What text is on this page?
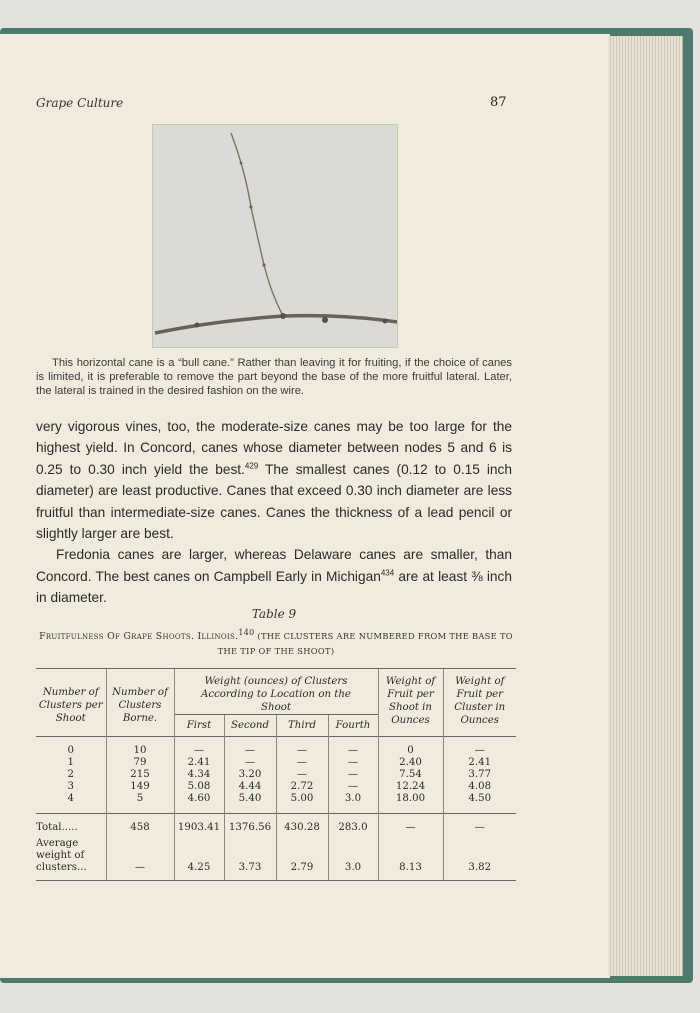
Grape Culture	87
This horizontal cane is a “bull cane.” Rather than leaving it for fruiting, if the choice of canes is limited, it is preferable to remove the part beyond the base of the more fruitful lateral. Later, the lateral is trained in the desired fashion on the wire.

very vigorous vines, too, the moderate-size canes may be too large for the highest yield. In Concord, canes whose diameter between nodes 5 and 6 is 0.25 to 0.30 inch yield the best.$^{429}$ The smallest canes (0.12 to 0.15 inch diameter) are least productive. Canes that exceed 0.30 inch diameter are less fruitful than intermediate-size canes. Canes the thickness of a lead pencil or slightly larger are best.

Fredonia canes are larger, whereas Delaware canes are smaller, than Concord. The best canes on Campbell Early in Michigan$^{434}$ are at least ⅜ inch in diameter.

Table 9
Fruitfulness Of Grape Shoots. Illinois.$^{140}$ (THE CLUSTERS ARE NUMBERED FROM THE BASE TO THE TIP OF THE SHOOT)
Number of Clusters per Shoot	Number of Clusters Borne.	Weight (ounces) of Clusters According to Location on the Shoot				Weight of Fruit per Shoot in Ounces	Weight of Fruit per Cluster in Ounces
		First	Second	Third	Fourth		
0	10	—	—	—	—	0	—
1	79	2.41	—	—	—	2.40	2.41
2	215	4.34	3.20	—	—	7.54	3.77
3	149	5.08	4.44	2.72	—	12.24	4.08
4	5	4.60	5.40	5.00	3.0	18.00	4.50
Total.....	458	1903.41	1376.56	430.28	283.0	—	—

Average
weight of
clusters...	—	4.25	3.73	2.79	3.0	8.13	3.82
